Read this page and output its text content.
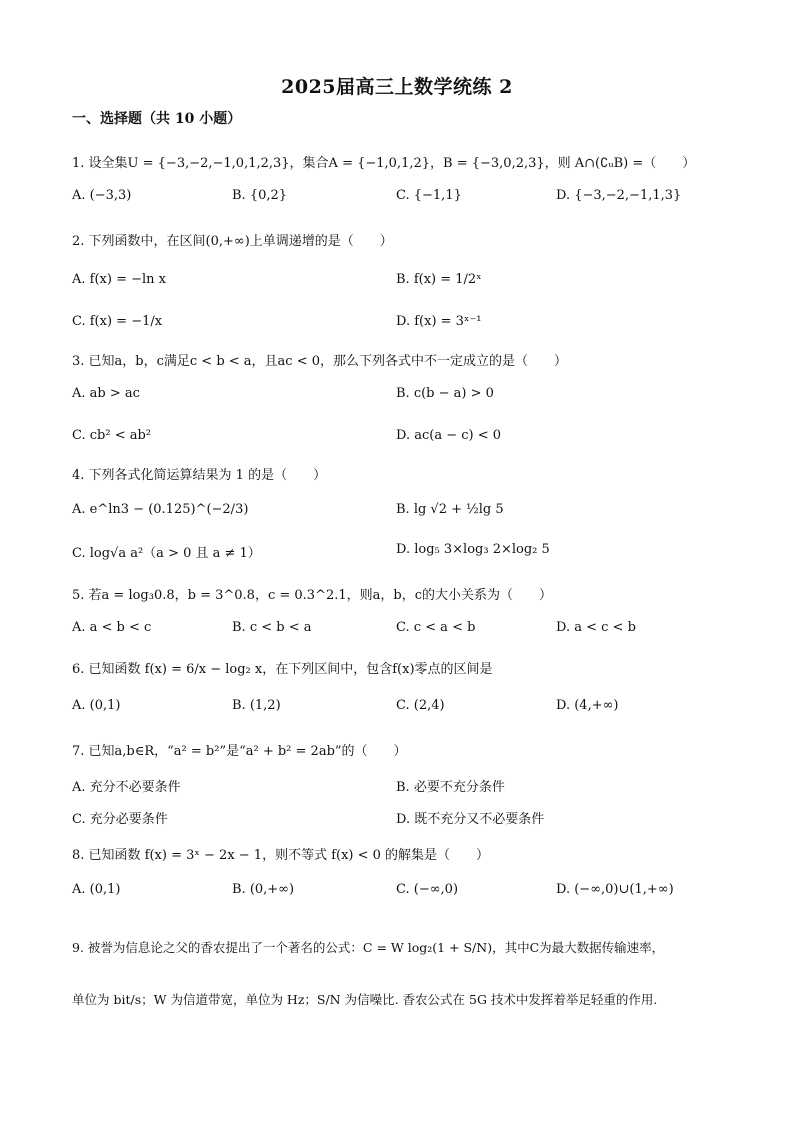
2025届高三上数学统练 2
一、选择题（共 10 小题）
1. 设全集U = {−3,−2,−1,0,1,2,3}，集合A = {−1,0,1,2}，B = {−3,0,2,3}，则 A∩(∁ᵤB) =（　　）
A. (−3,3)	B. {0,2}	C. {−1,1}	D. {−3,−2,−1,1,3}
2. 下列函数中，在区间(0,+∞)上单调递增的是（　　）
A. f(x) = −ln x	B. f(x) = 1/2ˣ
C. f(x) = −1/x	D. f(x) = 3ˣ⁻¹
3. 已知a，b，c满足c < b < a，且ac < 0，那么下列各式中不一定成立的是（　　）
A. ab > ac	B. c(b − a) > 0
C. cb² < ab²	D. ac(a − c) < 0
4. 下列各式化简运算结果为 1 的是（　　）
A. e^ln3 − (0.125)^(−2/3)	B. lg √2 + ½lg 5
C. log√a a²（a > 0 且 a ≠ 1）	D. log₅ 3×log₃ 2×log₂ 5
5. 若a = log₃0.8，b = 3^0.8，c = 0.3^2.1，则a，b，c的大小关系为（　　）
A. a < b < c	B. c < b < a	C. c < a < b	D. a < c < b
6. 已知函数 f(x) = 6/x − log₂ x，在下列区间中，包含f(x)零点的区间是
A. (0,1)	B. (1,2)	C. (2,4)	D. (4,+∞)
7. 已知a,b∈R，“a² = b²”是“a² + b² = 2ab”的（　　）
A. 充分不必要条件	B. 必要不充分条件
C. 充分必要条件	D. 既不充分又不必要条件
8. 已知函数 f(x) = 3ˣ − 2x − 1，则不等式 f(x) < 0 的解集是（　　）
A. (0,1)	B. (0,+∞)	C. (−∞,0)	D. (−∞,0)∪(1,+∞)
9. 被誉为信息论之父的香农提出了一个著名的公式：C = W log₂(1 + S/N)，其中C为最大数据传输速率，
单位为 bit/s；W 为信道带宽，单位为 Hz；S/N 为信噪比. 香农公式在 5G 技术中发挥着举足轻重的作用.
